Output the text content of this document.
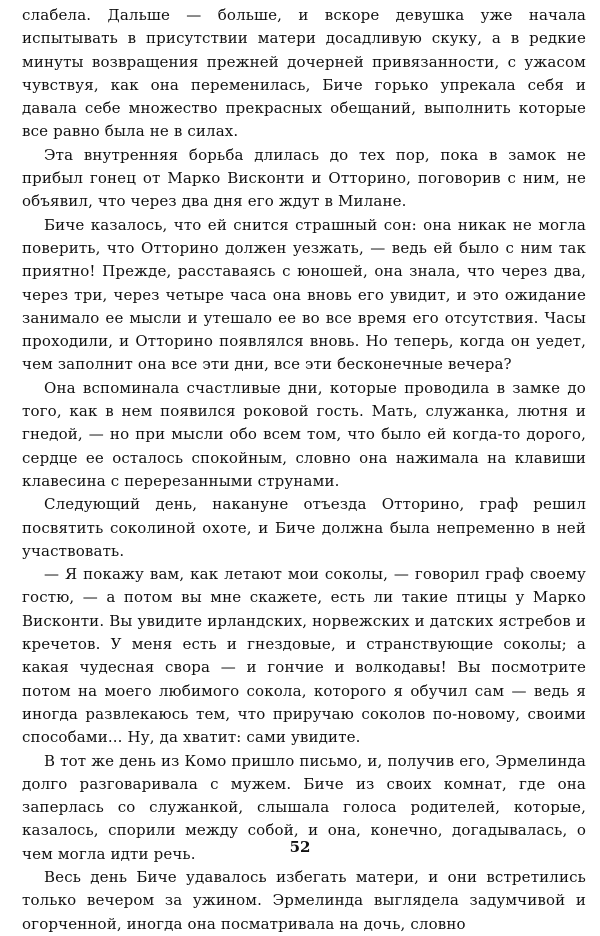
слабела. Дальше — больше, и вскоре девушка уже начала испытывать в присутствии матери досадливую скуку, а в редкие минуты возвращения прежней дочерней привязанности, с ужасом чувствуя, как она переменилась, Биче горько упрекала себя и давала себе множество прекрасных обещаний, выполнить которые все равно была не в силах.

Эта внутренняя борьба длилась до тех пор, пока в замок не прибыл гонец от Марко Висконти и Отторино, поговорив с ним, не объявил, что через два дня его ждут в Милане.

Биче казалось, что ей снится страшный сон: она никак не могла поверить, что Отторино должен уезжать, — ведь ей было с ним так приятно! Прежде, расставаясь с юношей, она знала, что через два, через три, через четыре часа она вновь его увидит, и это ожидание занимало ее мысли и утешало ее во все время его отсутствия. Часы проходили, и Отторино появлялся вновь. Но теперь, когда он уедет, чем заполнит она все эти дни, все эти бесконечные вечера?

Она вспоминала счастливые дни, которые проводила в замке до того, как в нем появился роковой гость. Мать, служанка, лютня и гнедой, — но при мысли обо всем том, что было ей когда-то дорого, сердце ее осталось спокойным, словно она нажимала на клавиши клавесина с перерезанными струнами.

Следующий день, накануне отъезда Отторино, граф решил посвятить соколиной охоте, и Биче должна была непременно в ней участвовать.

— Я покажу вам, как летают мои соколы, — говорил граф своему гостю, — а потом вы мне скажете, есть ли такие птицы у Марко Висконти. Вы увидите ирландских, норвежских и датских ястребов и кречетов. У меня есть и гнездовые, и странствующие соколы; а какая чудесная свора — и гончие и волкодавы! Вы посмотрите потом на моего любимого сокола, которого я обучил сам — ведь я иногда развлекаюсь тем, что приручаю соколов по-новому, своими способами... Ну, да хватит: сами увидите.

В тот же день из Комо пришло письмо, и, получив его, Эрмелинда долго разговаривала с мужем. Биче из своих комнат, где она заперлась со служанкой, слышала голоса родителей, которые, казалось, спорили между собой, и она, конечно, догадывалась, о чем могла идти речь.

Весь день Биче удавалось избегать матери, и они встретились только вечером за ужином. Эрмелинда выглядела задумчивой и огорченной, иногда она посматривала на дочь, словно

52
